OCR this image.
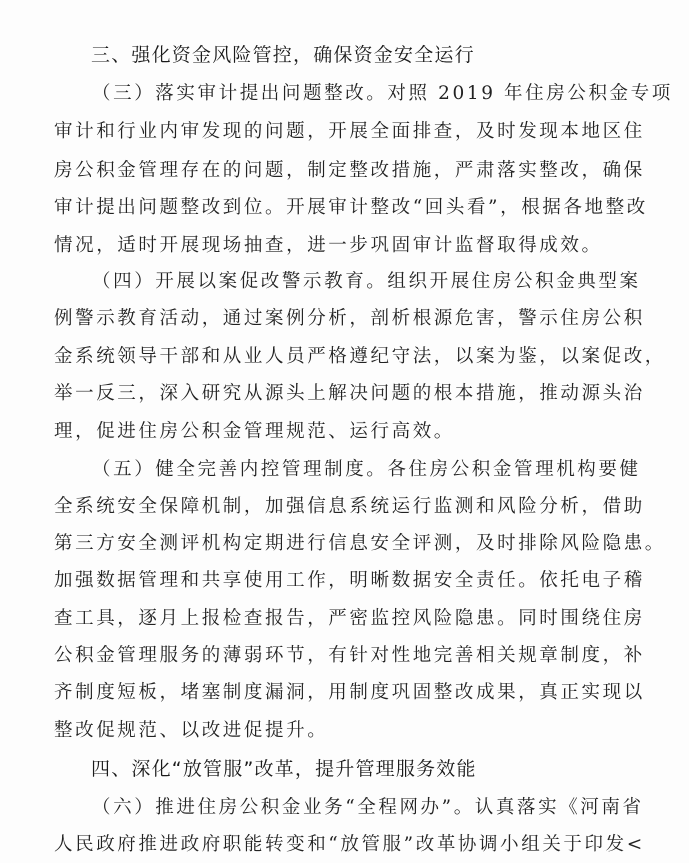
三、强化资金风险管控，确保资金安全运行
（三）落实审计提出问题整改。对照 2019 年住房公积金专项
审计和行业内审发现的问题，开展全面排查，及时发现本地区住
房公积金管理存在的问题，制定整改措施，严肃落实整改，确保
审计提出问题整改到位。开展审计整改“回头看”，根据各地整改
情况，适时开展现场抽查，进一步巩固审计监督取得成效。
（四）开展以案促改警示教育。组织开展住房公积金典型案
例警示教育活动，通过案例分析，剖析根源危害，警示住房公积
金系统领导干部和从业人员严格遵纪守法，以案为鉴，以案促改，
举一反三，深入研究从源头上解决问题的根本措施，推动源头治
理，促进住房公积金管理规范、运行高效。
（五）健全完善内控管理制度。各住房公积金管理机构要健
全系统安全保障机制，加强信息系统运行监测和风险分析，借助
第三方安全测评机构定期进行信息安全评测，及时排除风险隐患。
加强数据管理和共享使用工作，明晰数据安全责任。依托电子稽
查工具，逐月上报检查报告，严密监控风险隐患。同时围绕住房
公积金管理服务的薄弱环节，有针对性地完善相关规章制度，补
齐制度短板，堵塞制度漏洞，用制度巩固整改成果，真正实现以
整改促规范、以改进促提升。
四、深化“放管服”改革，提升管理服务效能
（六）推进住房公积金业务“全程网办”。认真落实《河南省
人民政府推进政府职能转变和“放管服”改革协调小组关于印发<
